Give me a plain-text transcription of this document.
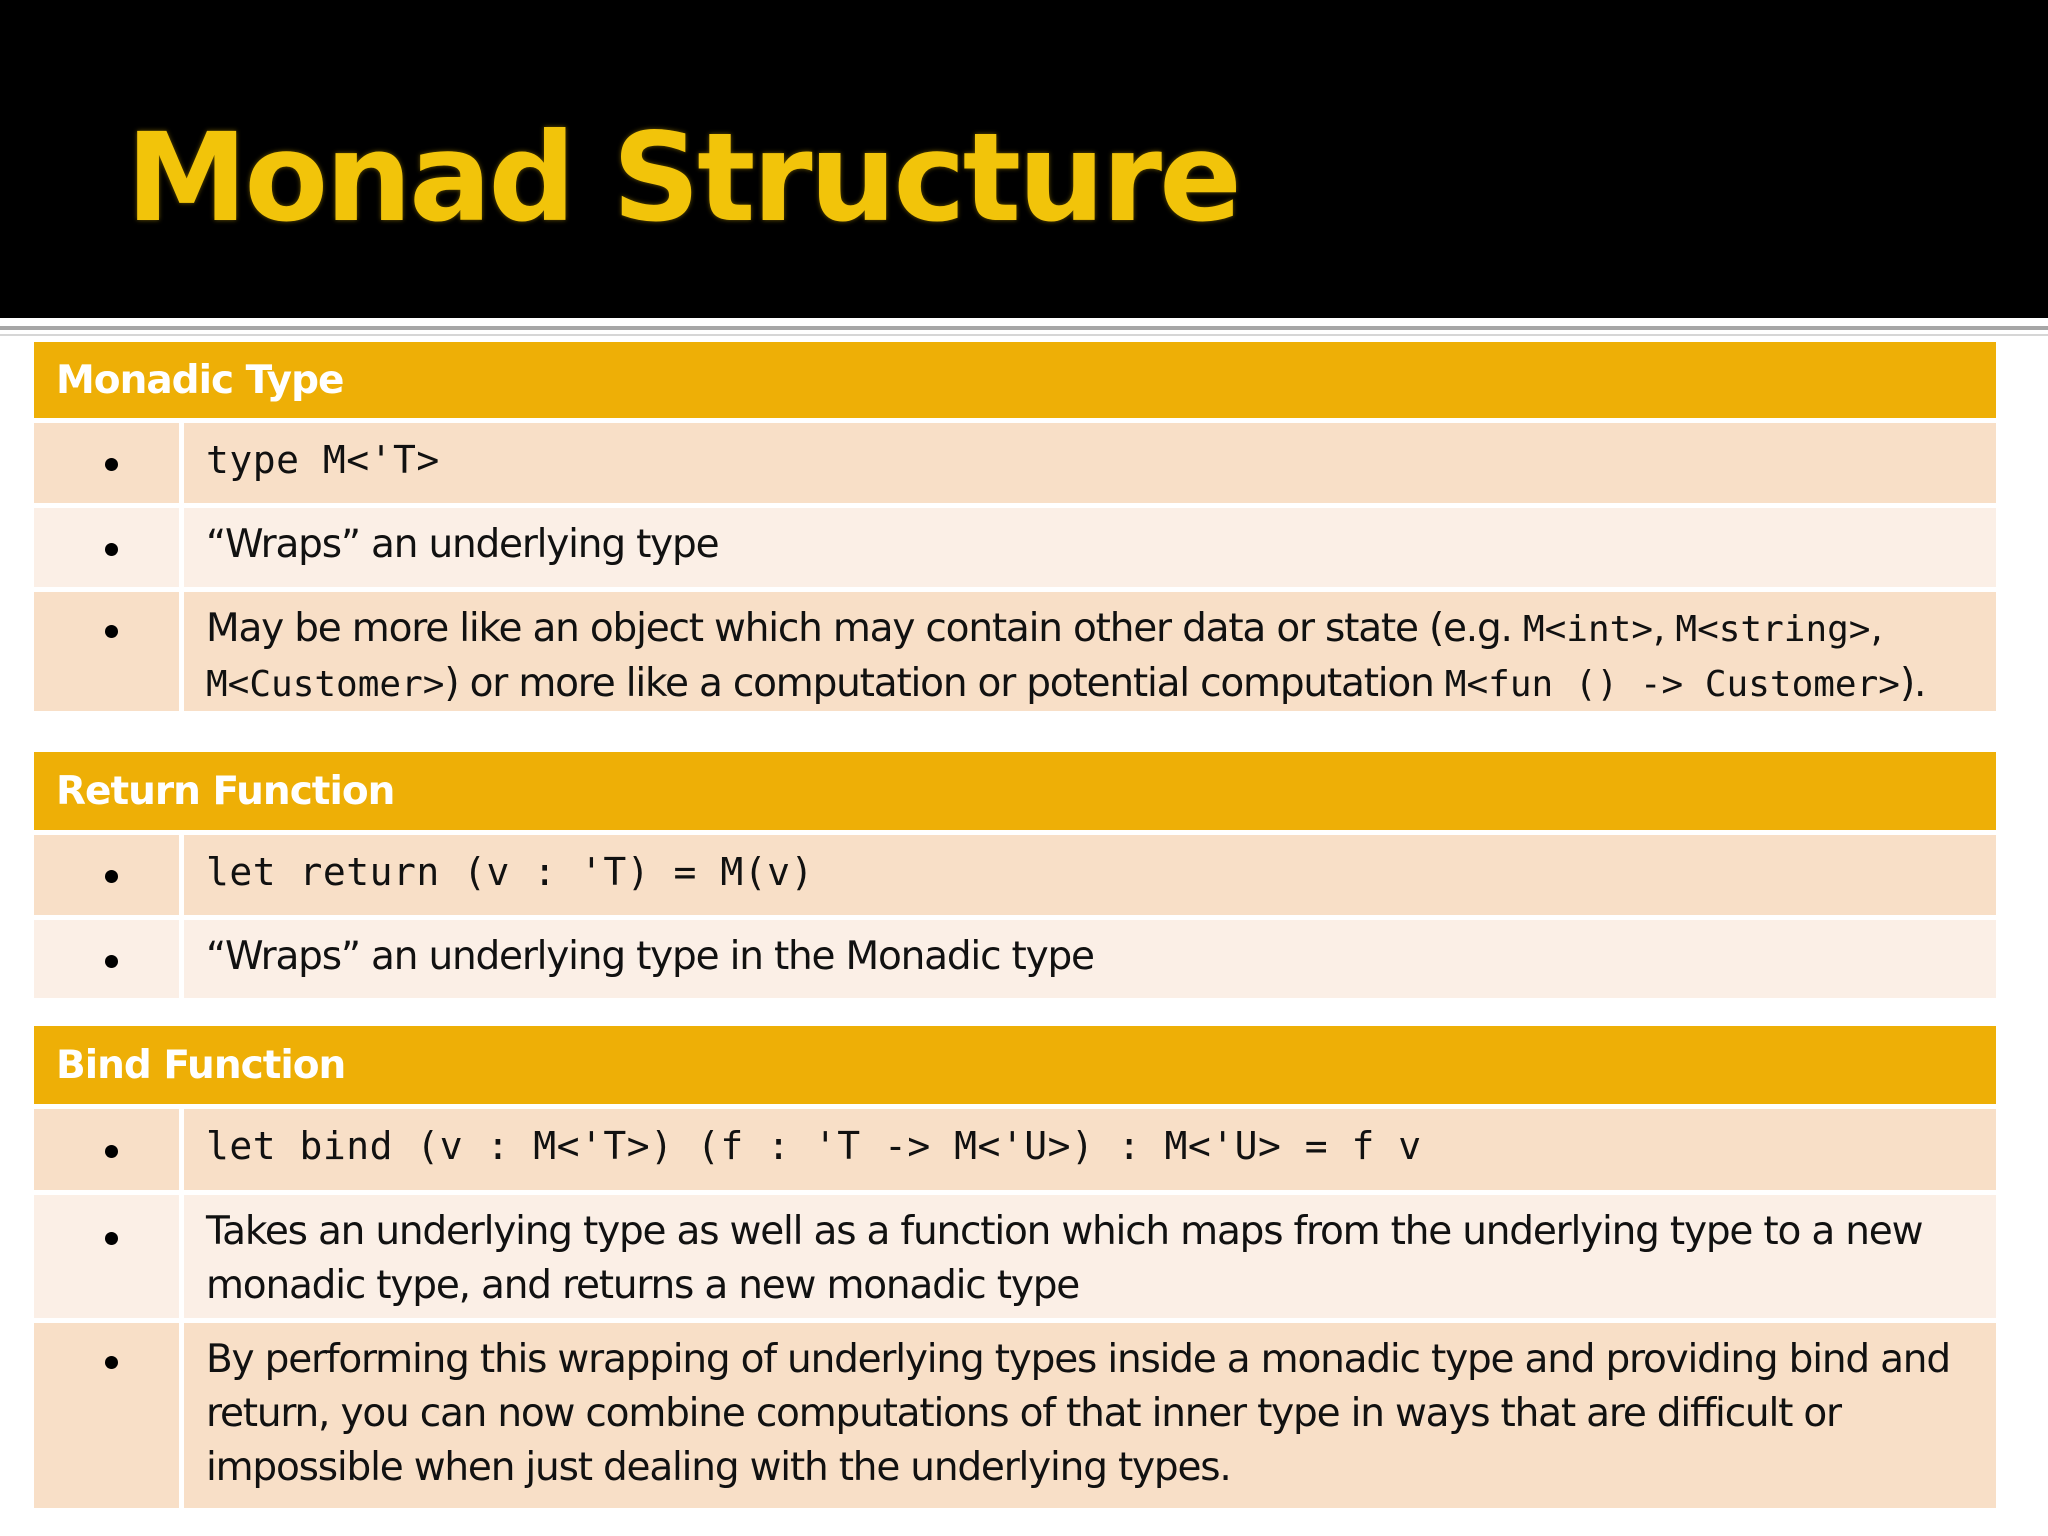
Monad Structure
Monadic Type
type M<'T>
“Wraps” an underlying type
May be more like an object which may contain other data or state (e.g. M<int>, M<string>,
M<Customer>) or more like a computation or potential computation M<fun () -> Customer>).
Return Function
let return (v : 'T) = M(v)
“Wraps” an underlying type in the Monadic type
Bind Function
let bind (v : M<'T>) (f : 'T -> M<'U>) : M<'U> = f v
Takes an underlying type as well as a function which maps from the underlying type to a new
monadic type, and returns a new monadic type
By performing this wrapping of underlying types inside a monadic type and providing bind and
return, you can now combine computations of that inner type in ways that are difficult or
impossible when just dealing with the underlying types.
